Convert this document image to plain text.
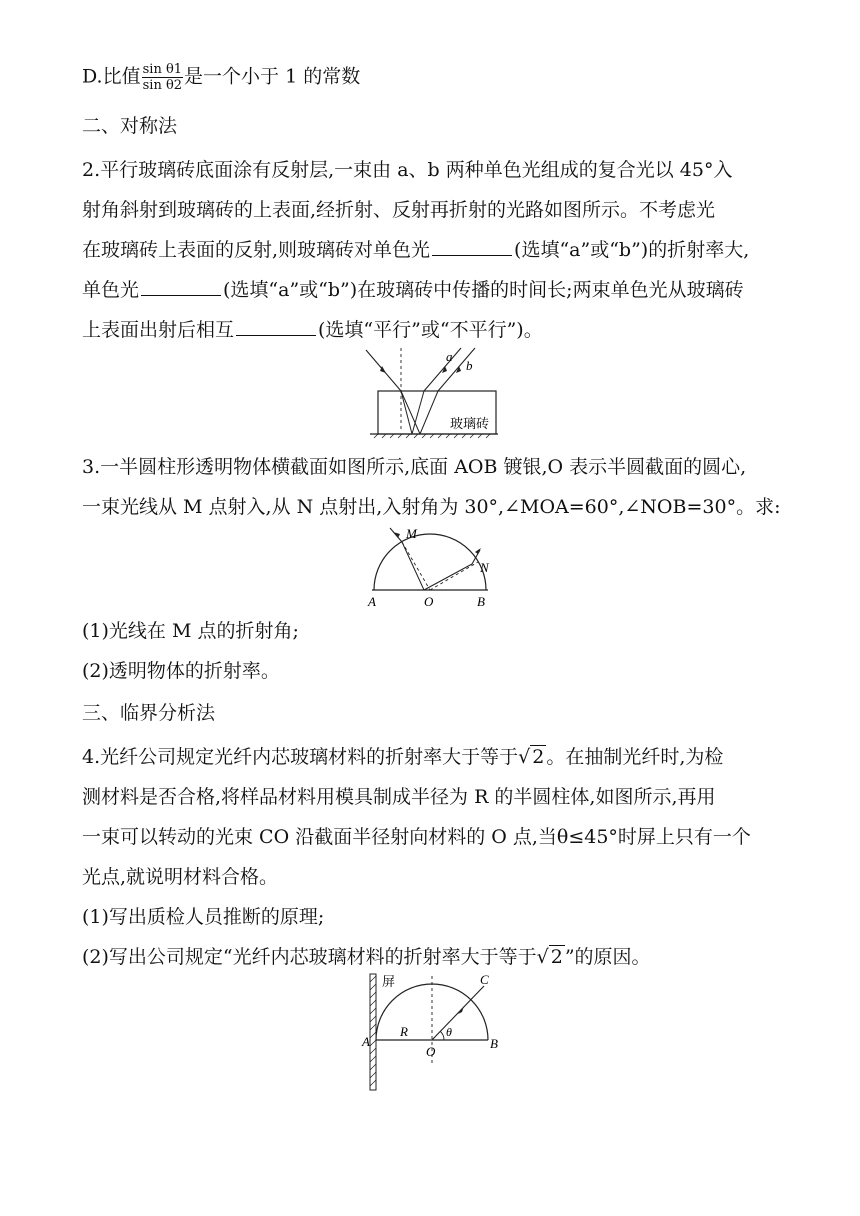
D.比值 $\frac{\text{sin θ1}}{\text{sin θ2}}$ 是一个小于 1 的常数
二、对称法
2.平行玻璃砖底面涂有反射层,一束由 a、b 两种单色光组成的复合光以 45°入
射角斜射到玻璃砖的上表面,经折射、反射再折射的光路如图所示。不考虑光
在玻璃砖上表面的反射,则玻璃砖对单色光	(选填“a”或“b”)的折射率大,
单色光	(选填“a”或“b”)在玻璃砖中传播的时间长;两束单色光从玻璃砖
上表面出射后相互	(选填“平行”或“不平行”)。
a
b
玻璃砖
3.一半圆柱形透明物体横截面如图所示,底面 AOB 镀银,O 表示半圆截面的圆心,
一束光线从 M 点射入,从 N 点射出,入射角为 30°,∠MOA=60°,∠NOB=30°。求:
M
N
A	O	B
(1)光线在 M 点的折射角;
(2)透明物体的折射率。
三、临界分析法
4.光纤公司规定光纤内芯玻璃材料的折射率大于等于√ 2 。在抽制光纤时,为检
测材料是否合格,将样品材料用模具制成半径为 R 的半圆柱体,如图所示,再用
一束可以转动的光束 CO 沿截面半径射向材料的 O 点,当θ≤45°时屏上只有一个
光点,就说明材料合格。
(1)写出质检人员推断的原理;
(2)写出公司规定“光纤内芯玻璃材料的折射率大于等于√ 2 ”的原因。
屏	C
R	θ
A
O
B
